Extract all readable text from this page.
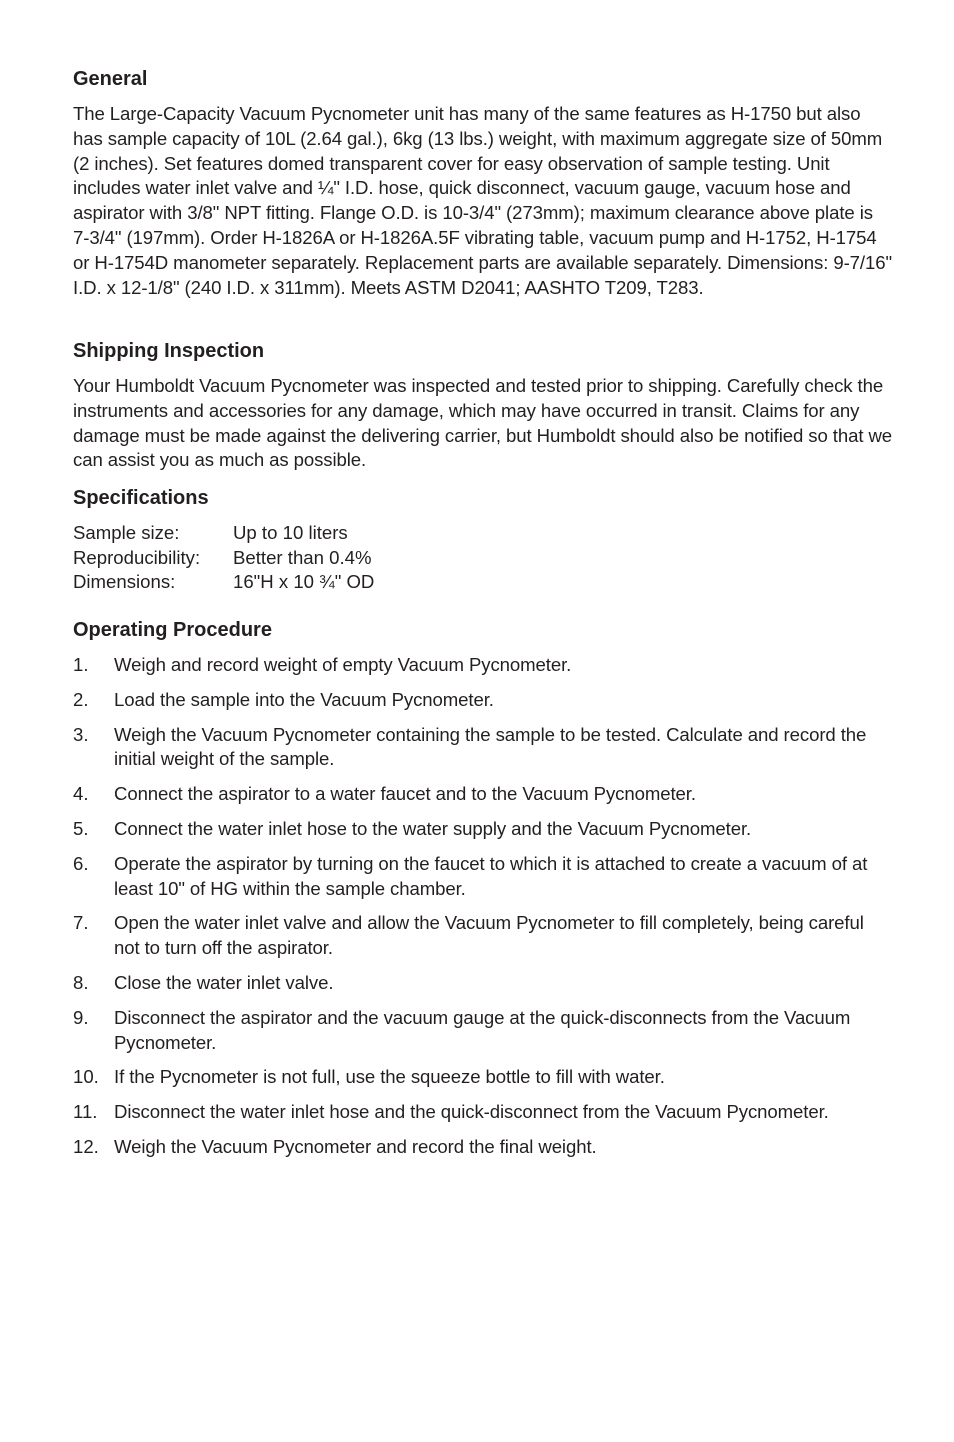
General

The Large-Capacity Vacuum Pycnometer unit has many of the same features as H-1750 but also has sample capacity of 10L (2.64 gal.), 6kg (13 lbs.) weight, with maximum aggregate size of 50mm (2 inches). Set features domed transparent cover for easy observation of sample testing. Unit includes water inlet valve and ¼" I.D. hose, quick disconnect, vacuum gauge, vacuum hose and aspirator with 3/8" NPT fitting. Flange O.D. is 10-3/4" (273mm); maximum clearance above plate is 7-3/4" (197mm). Order H-1826A or H-1826A.5F vibrating table, vacuum pump and H-1752, H-1754 or H-1754D manometer separately. Replacement parts are available separately. Dimensions: 9-7/16" I.D. x 12-1/8" (240 I.D. x 311mm). Meets ASTM D2041; AASHTO T209, T283.

Shipping Inspection

Your Humboldt Vacuum Pycnometer was inspected and tested prior to shipping. Carefully check the instruments and accessories for any damage, which may have occurred in transit. Claims for any damage must be made against the delivering carrier, but Humboldt should also be notified so that we can assist you as much as possible.

Specifications
Sample size:	Up to 10 liters
Reproducibility:	Better than 0.4%
Dimensions:	16"H x 10 ¾" OD
Operating Procedure
1.	Weigh and record weight of empty Vacuum Pycnometer.
2.	Load the sample into the Vacuum Pycnometer.
3.	Weigh the Vacuum Pycnometer containing the sample to be tested. Calculate and record the initial weight of the sample.
4.	Connect the aspirator to a water faucet and to the Vacuum Pycnometer.
5.	Connect the water inlet hose to the water supply and the Vacuum Pycnometer.
6.	Operate the aspirator by turning on the faucet to which it is attached to create a vacuum of at least 10" of HG within the sample chamber.
7.	Open the water inlet valve and allow the Vacuum Pycnometer to fill completely, being careful not to turn off the aspirator.
8.	Close the water inlet valve.
9.	Disconnect the aspirator and the vacuum gauge at the quick-disconnects from the Vacuum Pycnometer.
10. If the Pycnometer is not full, use the squeeze bottle to fill with water.
11. Disconnect the water inlet hose and the quick-disconnect from the Vacuum Pycnometer.
12. Weigh the Vacuum Pycnometer and record the final weight.
